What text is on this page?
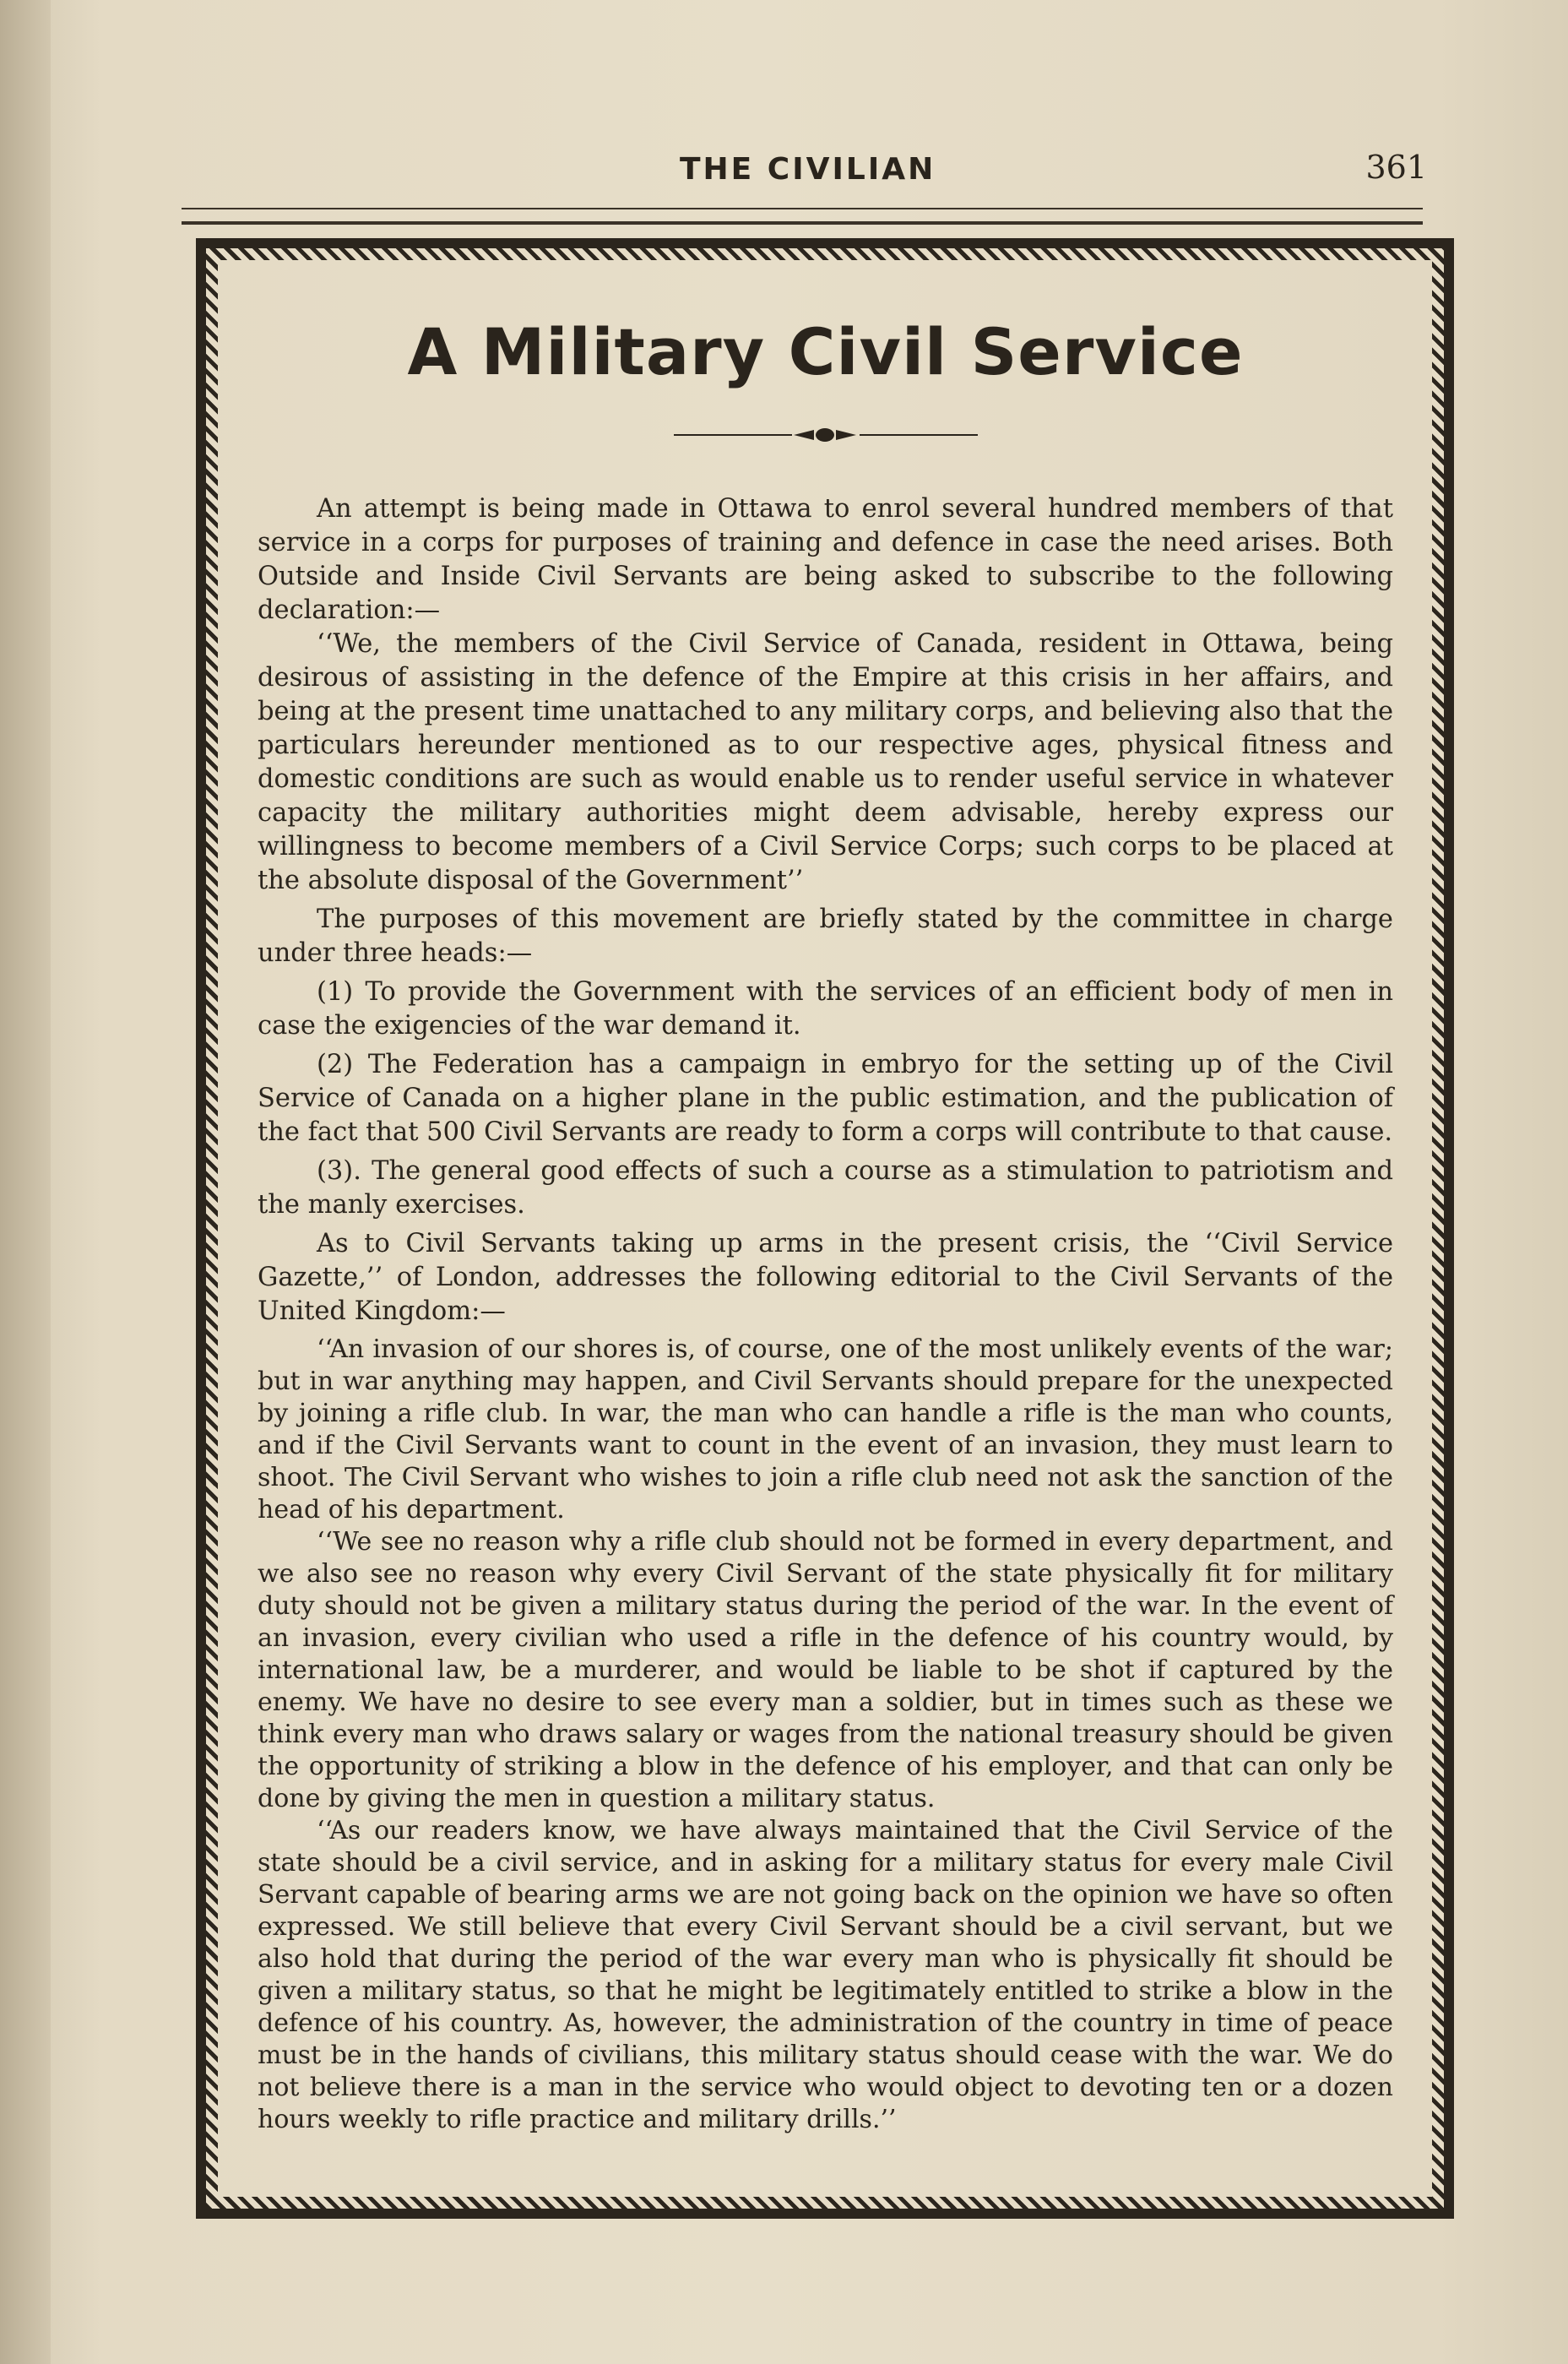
THE CIVILIAN	361
A Military Civil Service

An attempt is being made in Ottawa to enrol several hundred members of that service in a corps for purposes of training and defence in case the need arises. Both Outside and Inside Civil Servants are being asked to subscribe to the following declaration:—

‘‘We, the members of the Civil Service of Canada, resident in Ottawa, being desirous of assisting in the defence of the Empire at this crisis in her affairs, and being at the present time unattached to any military corps, and believing also that the particulars hereunder mentioned as to our respective ages, physical fitness and domestic conditions are such as would enable us to render useful service in whatever capacity the military authorities might deem advisable, hereby express our willingness to become members of a Civil Service Corps; such corps to be placed at the absolute disposal of the Government’’

The purposes of this movement are briefly stated by the committee in charge under three heads:—

(1) To provide the Government with the services of an efficient body of men in case the exigencies of the war demand it.

(2) The Federation has a campaign in embryo for the setting up of the Civil Service of Canada on a higher plane in the public estimation, and the publication of the fact that 500 Civil Servants are ready to form a corps will contribute to that cause.

(3). The general good effects of such a course as a stimulation to patriotism and the manly exercises.

As to Civil Servants taking up arms in the present crisis, the ‘‘Civil Service Gazette,’’ of London, addresses the following editorial to the Civil Servants of the United Kingdom:—

‘‘An invasion of our shores is, of course, one of the most unlikely events of the war; but in war anything may happen, and Civil Servants should prepare for the unexpected by joining a rifle club. In war, the man who can handle a rifle is the man who counts, and if the Civil Servants want to count in the event of an invasion, they must learn to shoot. The Civil Servant who wishes to join a rifle club need not ask the sanction of the head of his department.

‘‘We see no reason why a rifle club should not be formed in every department, and we also see no reason why every Civil Servant of the state physically fit for military duty should not be given a military status during the period of the war. In the event of an invasion, every civilian who used a rifle in the defence of his country would, by international law, be a murderer, and would be liable to be shot if captured by the enemy. We have no desire to see every man a soldier, but in times such as these we think every man who draws salary or wages from the national treasury should be given the opportunity of striking a blow in the defence of his employer, and that can only be done by giving the men in question a military status.

‘‘As our readers know, we have always maintained that the Civil Service of the state should be a civil service, and in asking for a military status for every male Civil Servant capable of bearing arms we are not going back on the opinion we have so often expressed. We still believe that every Civil Servant should be a civil servant, but we also hold that during the period of the war every man who is physically fit should be given a military status, so that he might be legitimately entitled to strike a blow in the defence of his country. As, however, the administration of the country in time of peace must be in the hands of civilians, this military status should cease with the war. We do not believe there is a man in the service who would object to devoting ten or a dozen hours weekly to rifle practice and military drills.’’
